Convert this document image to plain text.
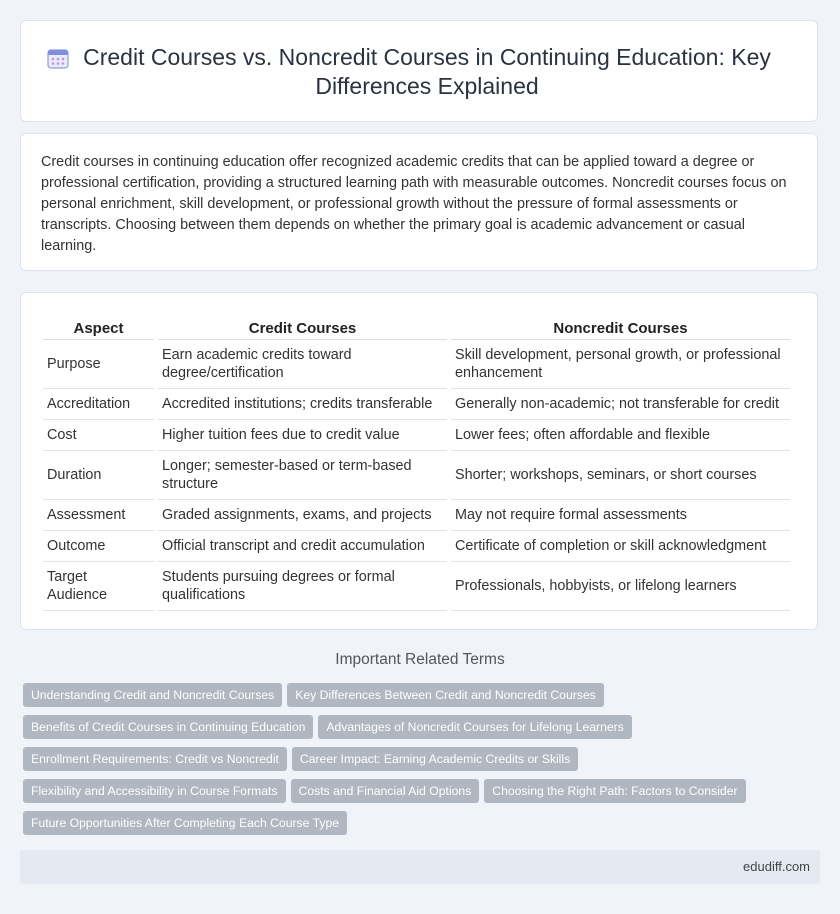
Credit Courses vs. Noncredit Courses in Continuing Education: Key Differences Explained

Credit courses in continuing education offer recognized academic credits that can be applied toward a degree or professional certification, providing a structured learning path with measurable outcomes. Noncredit courses focus on personal enrichment, skill development, or professional growth without the pressure of formal assessments or transcripts. Choosing between them depends on whether the primary goal is academic advancement or casual learning.

Aspect	Credit Courses	Noncredit Courses
Purpose	Earn academic credits toward degree/certification	Skill development, personal growth, or professional enhancement
Accreditation	Accredited institutions; credits transferable	Generally non-academic; not transferable for credit
Cost	Higher tuition fees due to credit value	Lower fees; often affordable and flexible
Duration	Longer; semester-based or term-based structure	Shorter; workshops, seminars, or short courses
Assessment	Graded assignments, exams, and projects	May not require formal assessments
Outcome	Official transcript and credit accumulation	Certificate of completion or skill acknowledgment
Target Audience	Students pursuing degrees or formal qualifications	Professionals, hobbyists, or lifelong learners
Important Related Terms
Understanding Credit and Noncredit Courses Key Differences Between Credit and Noncredit Courses
Benefits of Credit Courses in Continuing Education Advantages of Noncredit Courses for Lifelong Learners
Enrollment Requirements: Credit vs Noncredit Career Impact: Earning Academic Credits or Skills
Flexibility and Accessibility in Course Formats Costs and Financial Aid Options Choosing the Right Path: Factors to Consider
Future Opportunities After Completing Each Course Type
edudiff.com
